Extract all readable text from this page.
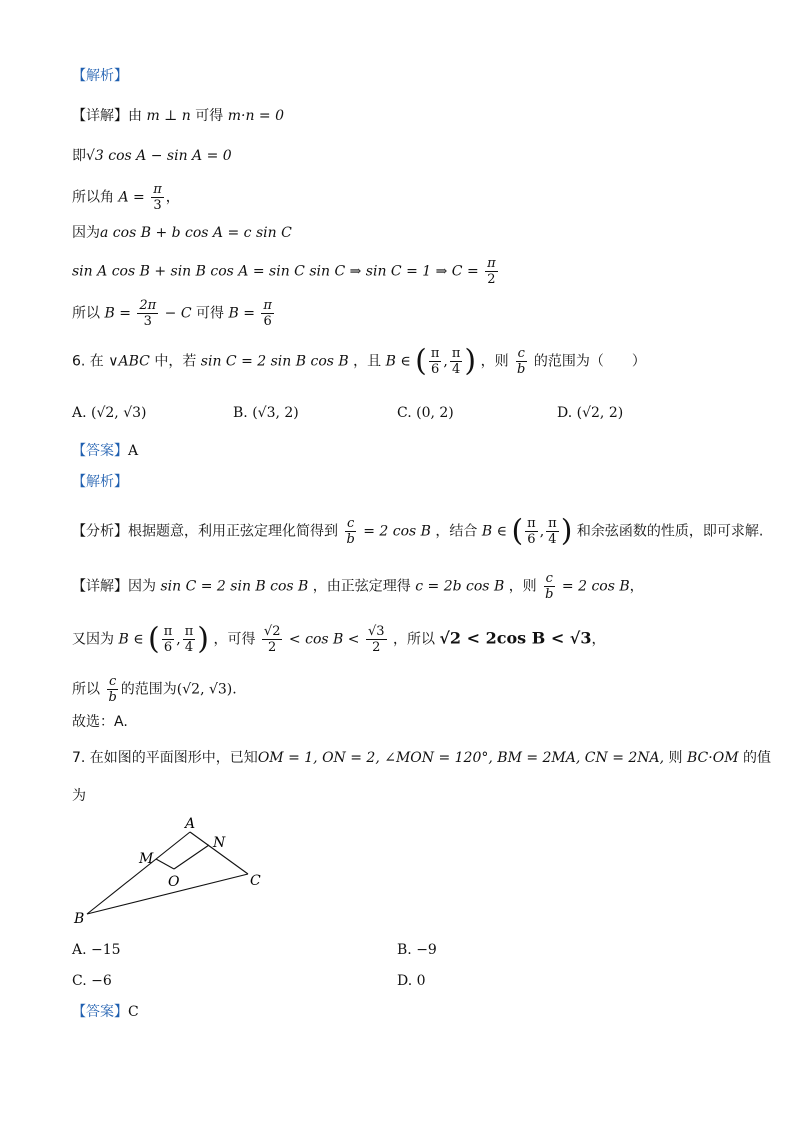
【解析】
【详解】由 m ⊥ n 可得 m·n = 0
即√3 cos A − sin A = 0
所以角 $A = \frac{\pi}{3}$ ，
因为a cos B + b cos A = c sin C
sin A cos B + sin B cos A = sin C sin C ⇒ sin C = 1 ⇒ $C = \frac{\pi}{2}$
所以 $B = \frac{2\pi}{3} - C$ 可得 $B = \frac{\pi}{6}$
6. 在 ∨ABC 中，若 sin C = 2 sin B cos B ，且 B ∈ ( $\frac{\pi}{6}$ , $\frac{\pi}{4}$ ) ，则 $\frac{c}{b}$ 的范围为（　　）
A. (√2, √3)	B. (√3, 2)	C. (0, 2)	D. (√2, 2)
【答案】A
【解析】
【分析】根据题意，利用正弦定理化简得到 $\frac{c}{b} = 2$ cos B ，结合 B ∈ ( $\frac{\pi}{6}$ , $\frac{\pi}{4}$ ) 和余弦函数的性质，即可求解.
【详解】因为 sin C = 2 sin B cos B ，由正弦定理得 c = 2b cos B ，则 $\frac{c}{b} = 2$ cos B，
又因为 B ∈ ( $\frac{\pi}{6}$ , $\frac{\pi}{4}$ ) ，可得 $\frac{√2}{2} < \cos B < \frac{√3}{2}$ ，所以 √2 < 2cos B < √3，
所以 $\frac{c}{b}$ 的范围为(√2, √3).
故选：A.
7. 在如图的平面图形中，已知OM = 1, ON = 2, ∠MON = 120°, BM = 2MA, CN = 2NA, 则 BC·OM 的值
为
A
M
N
O	C
B
A. −15	B. −9
C. −6	D. 0
【答案】C
